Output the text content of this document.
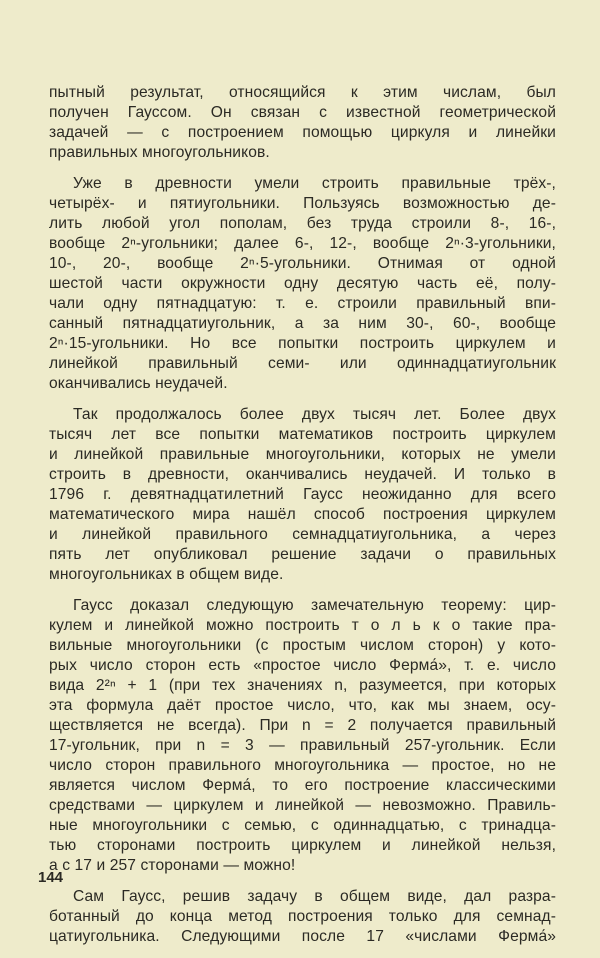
пытный результат, относящийся к этим числам, был
получен Гауссом. Он связан с известной геометрической
задачей — с построением помощью циркуля и линейки
правильных многоугольников.
Уже в древности умели строить правильные трёх-,
четырёх- и пятиугольники. Пользуясь возможностью де-
лить любой угол пополам, без труда строили 8-, 16-,
вообще 2ⁿ-угольники; далее 6-, 12-, вообще 2ⁿ·3-угольники,
10-, 20-, вообще 2ⁿ·5-угольники. Отнимая от одной
шестой части окружности одну десятую часть её, полу-
чали одну пятнадцатую: т. е. строили правильный впи-
санный пятнадцатиугольник, а за ним 30-, 60-, вообще
2ⁿ·15-угольники. Но все попытки построить циркулем и
линейкой правильный семи- или одиннадцатиугольник
оканчивались неудачей.
Так продолжалось более двух тысяч лет. Более двух
тысяч лет все попытки математиков построить циркулем
и линейкой правильные многоугольники, которых не умели
строить в древности, оканчивались неудачей. И только в
1796 г. девятнадцатилетний Гаусс неожиданно для всего
математического мира нашёл способ построения циркулем
и линейкой правильного семнадцатиугольника, а через
пять лет опубликовал решение задачи о правильных
многоугольниках в общем виде.
Гаусс доказал следующую замечательную теорему: цир-
кулем и линейкой можно построить т о л ь к о такие пра-
вильные многоугольники (с простым числом сторон) у кото-
рых число сторон есть «простое число Ферма́», т. е. число
вида 2²ⁿ + 1 (при тех значениях n, разумеется, при которых
эта формула даёт простое число, что, как мы знаем, осу-
ществляется не всегда). При n = 2 получается правильный
17-угольник, при n = 3 — правильный 257-угольник. Если
число сторон правильного многоугольника — простое, но не
является числом Ферма́, то его построение классическими
средствами — циркулем и линейкой — невозможно. Правиль-
ные многоугольники с семью, с одиннадцатью, с тринадца-
тью сторонами построить циркулем и линейкой нельзя,
а с 17 и 257 сторонами — можно!
Сам Гаусс, решив задачу в общем виде, дал разра-
ботанный до конца метод построения только для семнад-
цатиугольника. Следующими после 17 «числами Ферма́»
144
